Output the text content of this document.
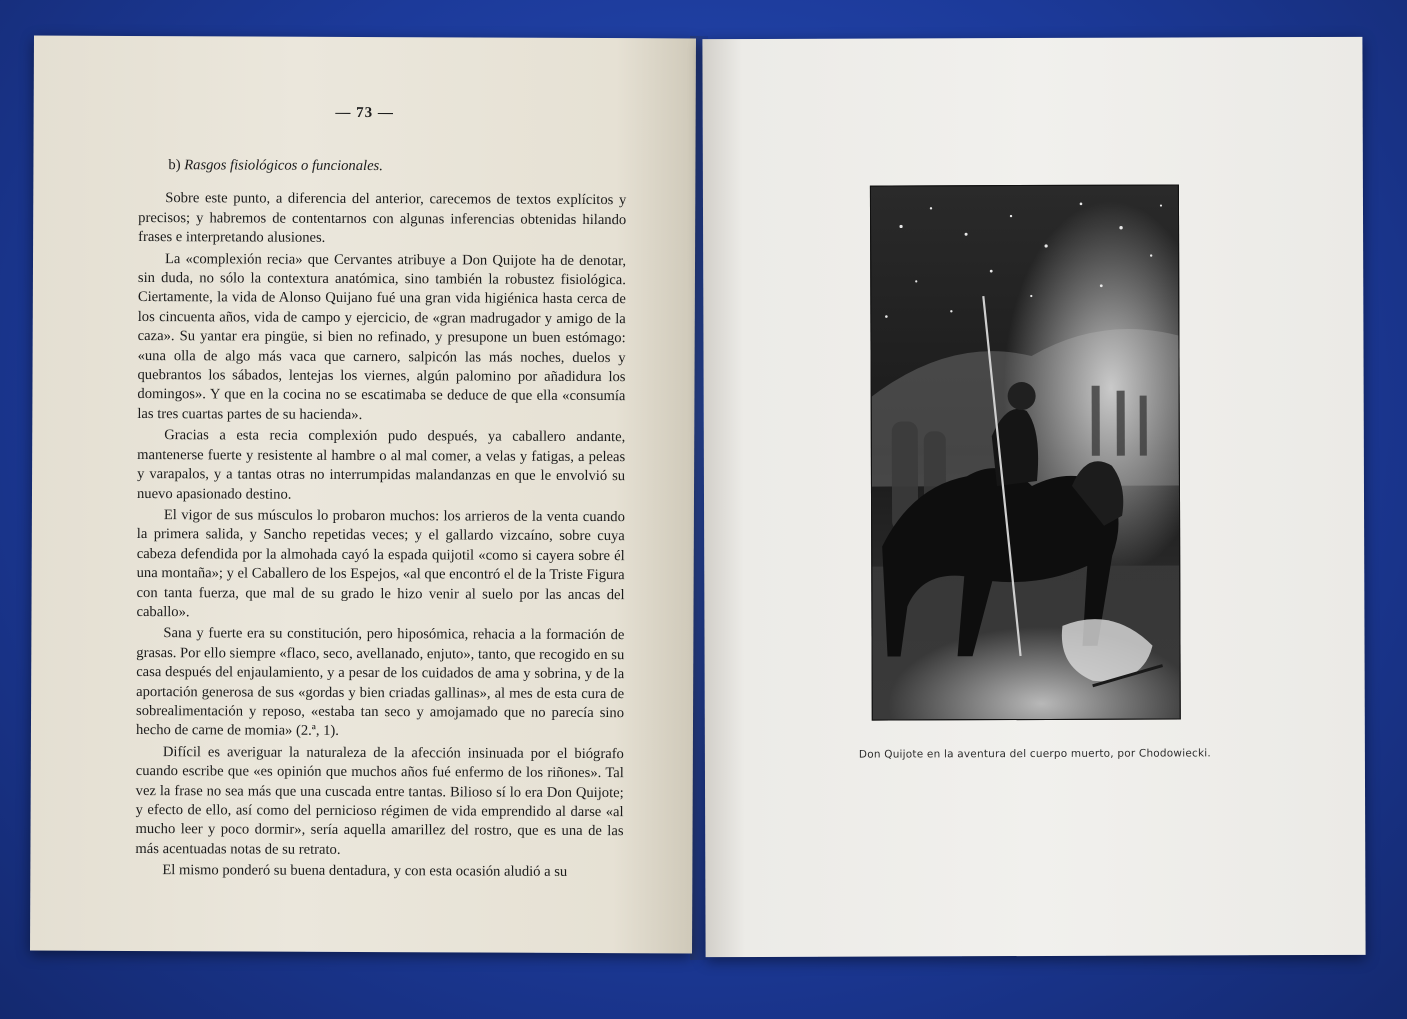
— 73 —
b) Rasgos fisiológicos o funcionales.

Sobre este punto, a diferencia del anterior, carecemos de textos explícitos y precisos; y habremos de contentarnos con algunas inferencias obtenidas hilando frases e interpretando alusiones.

La «complexión recia» que Cervantes atribuye a Don Quijote ha de denotar, sin duda, no sólo la contextura anatómica, sino también la robustez fisiológica. Ciertamente, la vida de Alonso Quijano fué una gran vida higiénica hasta cerca de los cincuenta años, vida de campo y ejercicio, de «gran madrugador y amigo de la caza». Su yantar era pingüe, si bien no refinado, y presupone un buen estómago: «una olla de algo más vaca que carnero, salpicón las más noches, duelos y quebrantos los sábados, lentejas los viernes, algún palomino por añadidura los domingos». Y que en la cocina no se escatimaba se deduce de que ella «consumía las tres cuartas partes de su hacienda».

Gracias a esta recia complexión pudo después, ya caballero andante, mantenerse fuerte y resistente al hambre o al mal comer, a velas y fatigas, a peleas y varapalos, y a tantas otras no interrumpidas malandanzas en que le envolvió su nuevo apasionado destino.

El vigor de sus músculos lo probaron muchos: los arrieros de la venta cuando la primera salida, y Sancho repetidas veces; y el gallardo vizcaíno, sobre cuya cabeza defendida por la almohada cayó la espada quijotil «como si cayera sobre él una montaña»; y el Caballero de los Espejos, «al que encontró el de la Triste Figura con tanta fuerza, que mal de su grado le hizo venir al suelo por las ancas del caballo».

Sana y fuerte era su constitución, pero hiposómica, rehacia a la formación de grasas. Por ello siempre «flaco, seco, avellanado, enjuto», tanto, que recogido en su casa después del enjaulamiento, y a pesar de los cuidados de ama y sobrina, y de la aportación generosa de sus «gordas y bien criadas gallinas», al mes de esta cura de sobrealimentación y reposo, «estaba tan seco y amojamado que no parecía sino hecho de carne de momia» (2.ª, 1).

Difícil es averiguar la naturaleza de la afección insinuada por el biógrafo cuando escribe que «es opinión que muchos años fué enfermo de los riñones». Tal vez la frase no sea más que una cuscada entre tantas. Bilioso sí lo era Don Quijote; y efecto de ello, así como del pernicioso régimen de vida emprendido al darse «al mucho leer y poco dormir», sería aquella amarillez del rostro, que es una de las más acentuadas notas de su retrato.

El mismo ponderó su buena dentadura, y con esta ocasión aludió a su

Don Quijote en la aventura del cuerpo muerto, por Chodowiecki.
